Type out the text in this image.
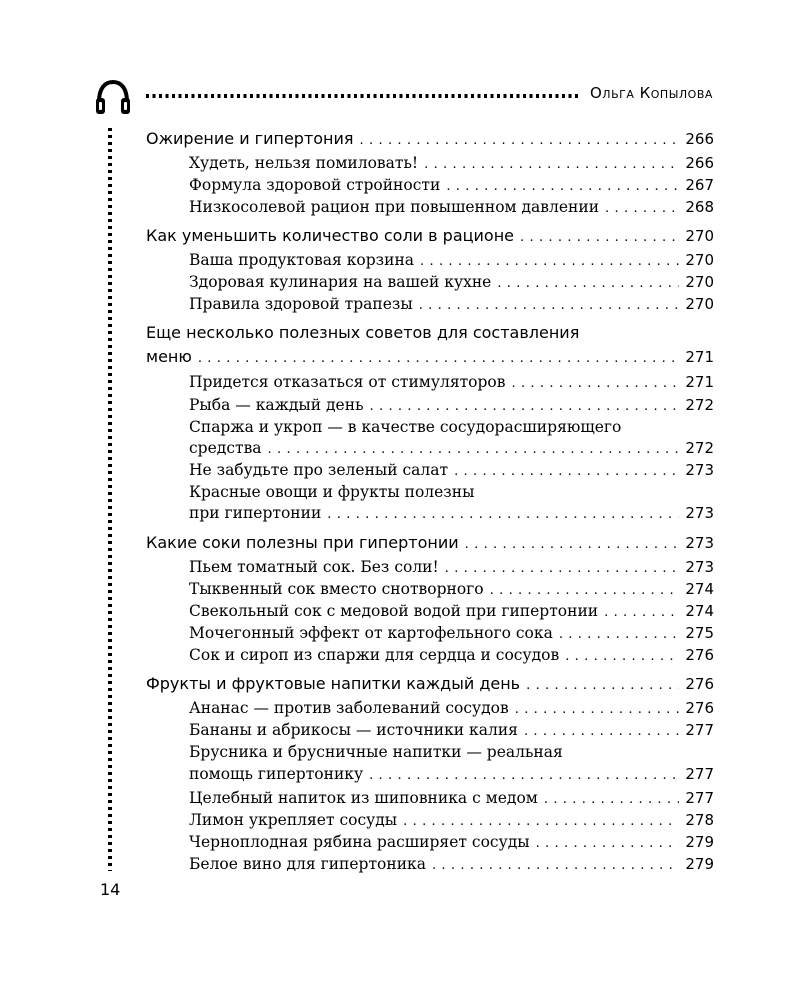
Ольга Копылова
Ожирение и гипертония . . .	266
Худеть, нельзя помиловать! . . .	266
Формула здоровой стройности . . .	267
Низкосолевой рацион при повышенном давлении . . .	268
Как уменьшить количество соли в рационе . . .	270
Ваша продуктовая корзина . . .	270
Здоровая кулинария на вашей кухне . . .	270
Правила здоровой трапезы . . .	270
Еще несколько полезных советов для составления
меню . . .	271
Придется отказаться от стимуляторов . . .	271
Рыба — каждый день . . .	272
Спаржа и укроп — в качестве сосудорасширяющего
средства . . .	272
Не забудьте про зеленый салат . . .	273
Красные овощи и фрукты полезны
при гипертонии . . .	273
Какие соки полезны при гипертонии . . .	273
Пьем томатный сок. Без соли! . . .	273
Тыквенный сок вместо снотворного . . .	274
Свекольный сок с медовой водой при гипертонии . . .	274
Мочегонный эффект от картофельного сока . . .	275
Сок и сироп из спаржи для сердца и сосудов . . .	276
Фрукты и фруктовые напитки каждый день . . .	276
Ананас — против заболеваний сосудов . . .	276
Бананы и абрикосы — источники калия . . .	277
Брусника и брусничные напитки — реальная
помощь гипертонику . . .	277
Целебный напиток из шиповника с медом . . .	277
Лимон укрепляет сосуды . . .	278
Черноплодная рябина расширяет сосуды . . .	279
Белое вино для гипертоника . . .	279
14
